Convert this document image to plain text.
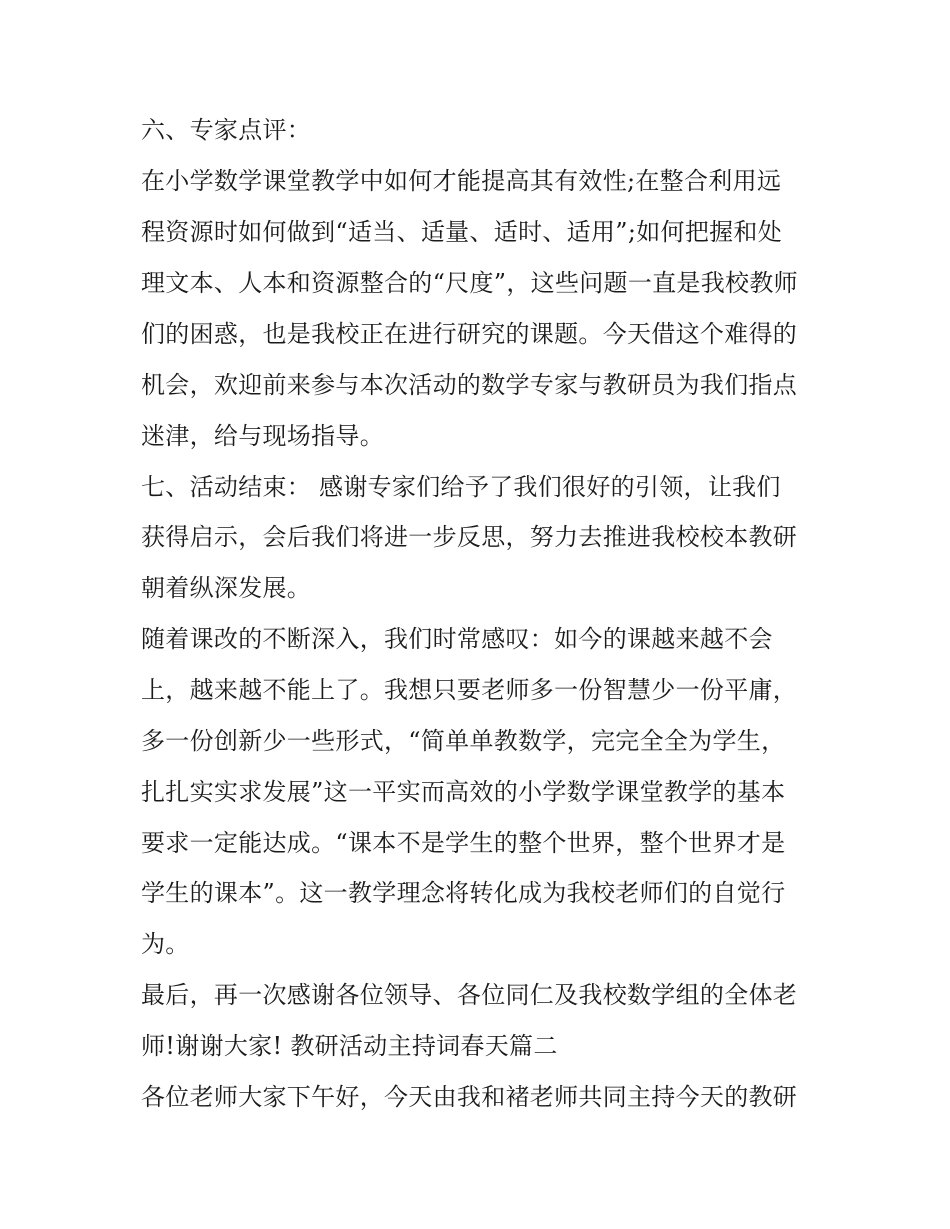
六、专家点评：
在小学数学课堂教学中如何才能提高其有效性;在整合利用远
程资源时如何做到“适当、适量、适时、适用”;如何把握和处
理文本、人本和资源整合的“尺度”，这些问题一直是我校教师
们的困惑，也是我校正在进行研究的课题。今天借这个难得的
机会，欢迎前来参与本次活动的数学专家与教研员为我们指点
迷津，给与现场指导。
七、活动结束： 感谢专家们给予了我们很好的引领，让我们
获得启示，会后我们将进一步反思，努力去推进我校校本教研
朝着纵深发展。
随着课改的不断深入，我们时常感叹：如今的课越来越不会
上，越来越不能上了。我想只要老师多一份智慧少一份平庸，
多一份创新少一些形式，“简单单教数学，完完全全为学生，
扎扎实实求发展”这一平实而高效的小学数学课堂教学的基本
要求一定能达成。“课本不是学生的整个世界，整个世界才是
学生的课本”。这一教学理念将转化成为我校老师们的自觉行
为。
最后，再一次感谢各位领导、各位同仁及我校数学组的全体老
师!谢谢大家! 教研活动主持词春天篇二
各位老师大家下午好，今天由我和褚老师共同主持今天的教研
